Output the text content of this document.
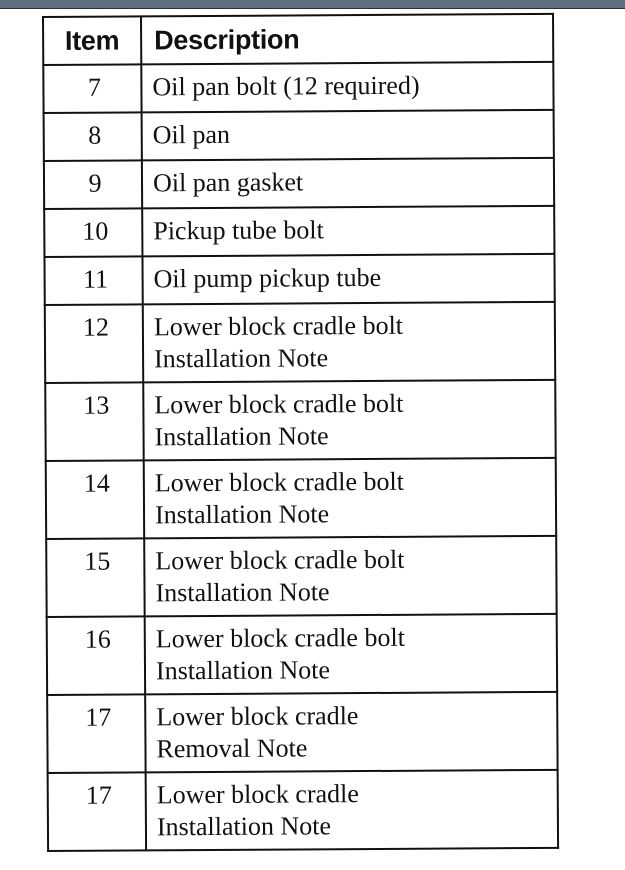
Item	Description
7	Oil pan bolt (12 required)

8	Oil pan

9	Oil pan gasket

10	Pickup tube bolt

11	Oil pump pickup tube

12	Lower block cradle bolt
Installation Note

13	Lower block cradle bolt
Installation Note

14	Lower block cradle bolt
Installation Note

15	Lower block cradle bolt
Installation Note

16	Lower block cradle bolt
Installation Note

17	Lower block cradle
Removal Note

17	Lower block cradle
Installation Note
